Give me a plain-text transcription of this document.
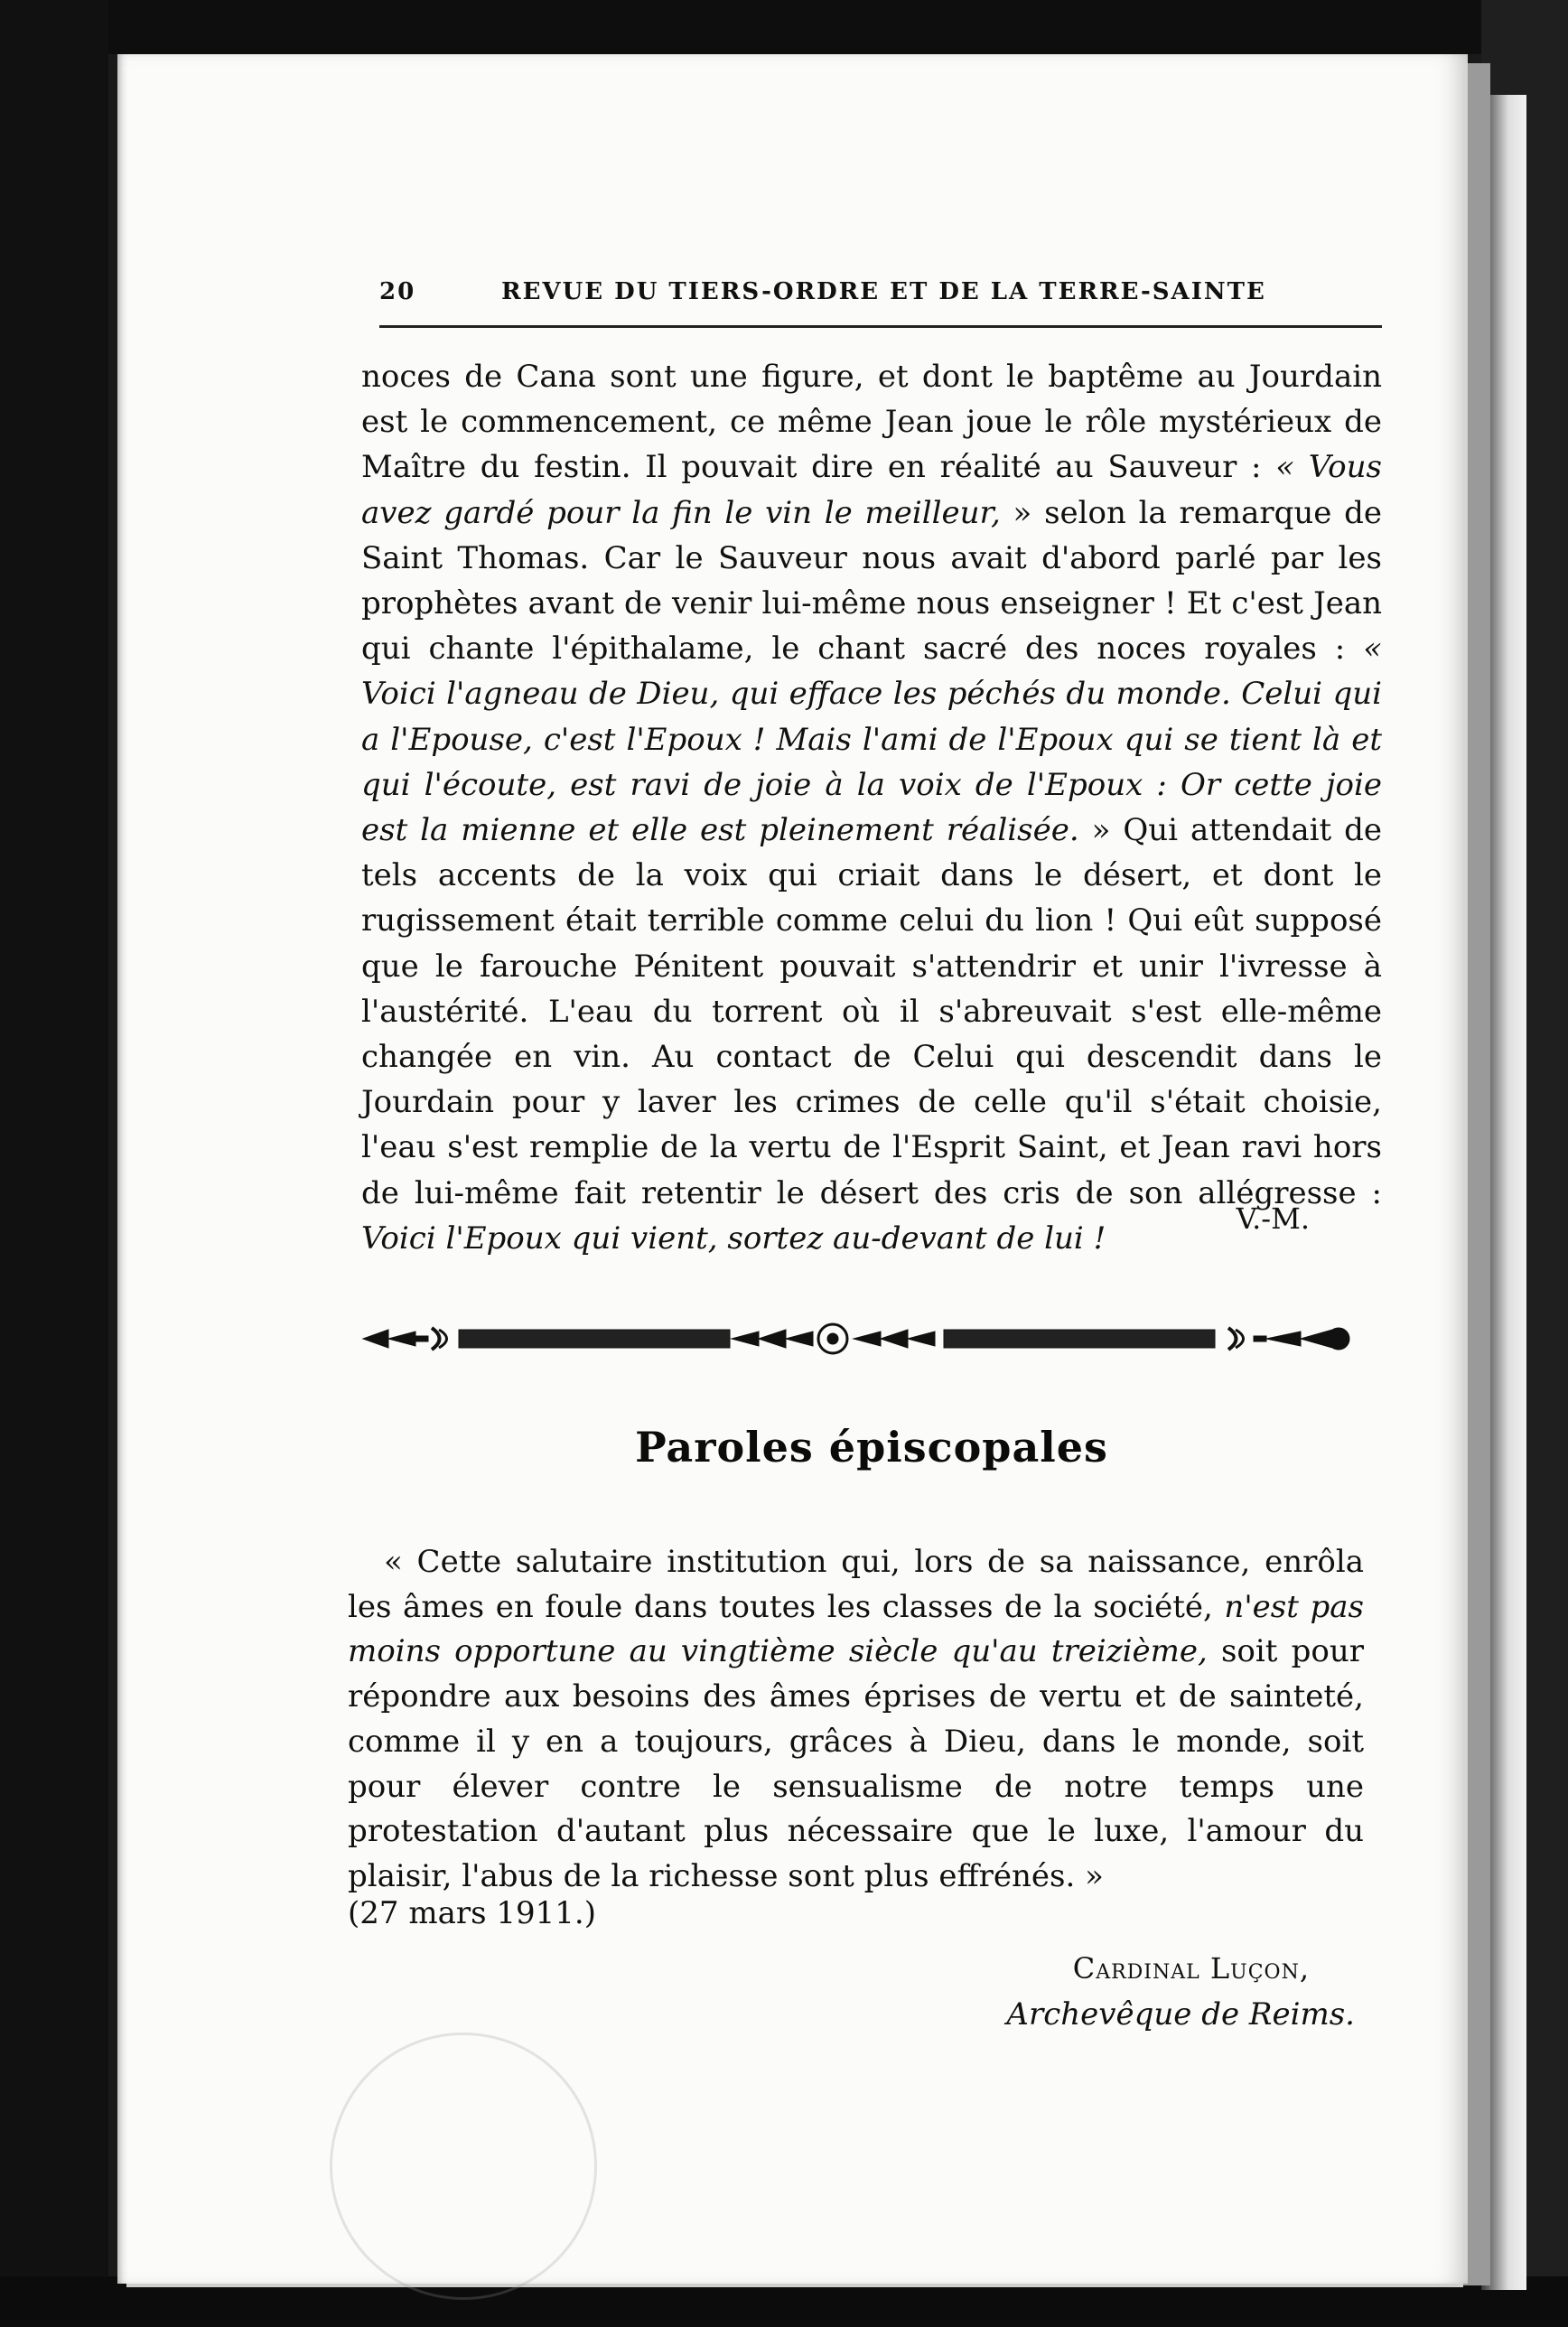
20	REVUE DU TIERS-ORDRE ET DE LA TERRE-SAINTE

noces de Cana sont une figure, et dont le baptême au Jourdain est le commencement, ce même Jean joue le rôle mystérieux de Maître du festin. Il pouvait dire en réalité au Sauveur : « Vous avez gardé pour la fin le vin le meilleur, » selon la remarque de Saint Thomas. Car le Sauveur nous avait d'abord parlé par les prophètes avant de venir lui-même nous enseigner ! Et c'est Jean qui chante l'épithalame, le chant sacré des noces royales : « Voici l'agneau de Dieu, qui efface les péchés du monde. Celui qui a l'Epouse, c'est l'Epoux ! Mais l'ami de l'Epoux qui se tient là et qui l'écoute, est ravi de joie à la voix de l'Epoux : Or cette joie est la mienne et elle est pleinement réalisée. » Qui attendait de tels accents de la voix qui criait dans le désert, et dont le rugissement était terrible comme celui du lion ! Qui eût supposé que le farouche Pénitent pouvait s'attendrir et unir l'ivresse à l'austérité. L'eau du torrent où il s'abreuvait s'est elle-même changée en vin. Au contact de Celui qui descendit dans le Jourdain pour y laver les crimes de celle qu'il s'était choisie, l'eau s'est remplie de la vertu de l'Esprit Saint, et Jean ravi hors de lui-même fait retentir le désert des cris de son allégresse : Voici l'Epoux qui vient, sortez au-devant de lui !

V.-M.
Paroles épiscopales

« Cette salutaire institution qui, lors de sa naissance, enrôla les âmes en foule dans toutes les classes de la société, n'est pas moins opportune au vingtième siècle qu'au treizième, soit pour répondre aux besoins des âmes éprises de vertu et de sainteté, comme il y en a toujours, grâces à Dieu, dans le monde, soit pour élever contre le sensualisme de notre temps une protestation d'autant plus nécessaire que le luxe, l'amour du plaisir, l'abus de la richesse sont plus effrénés. »

(27 mars 1911.)
Cardinal Luçon,
Archevêque de Reims.
